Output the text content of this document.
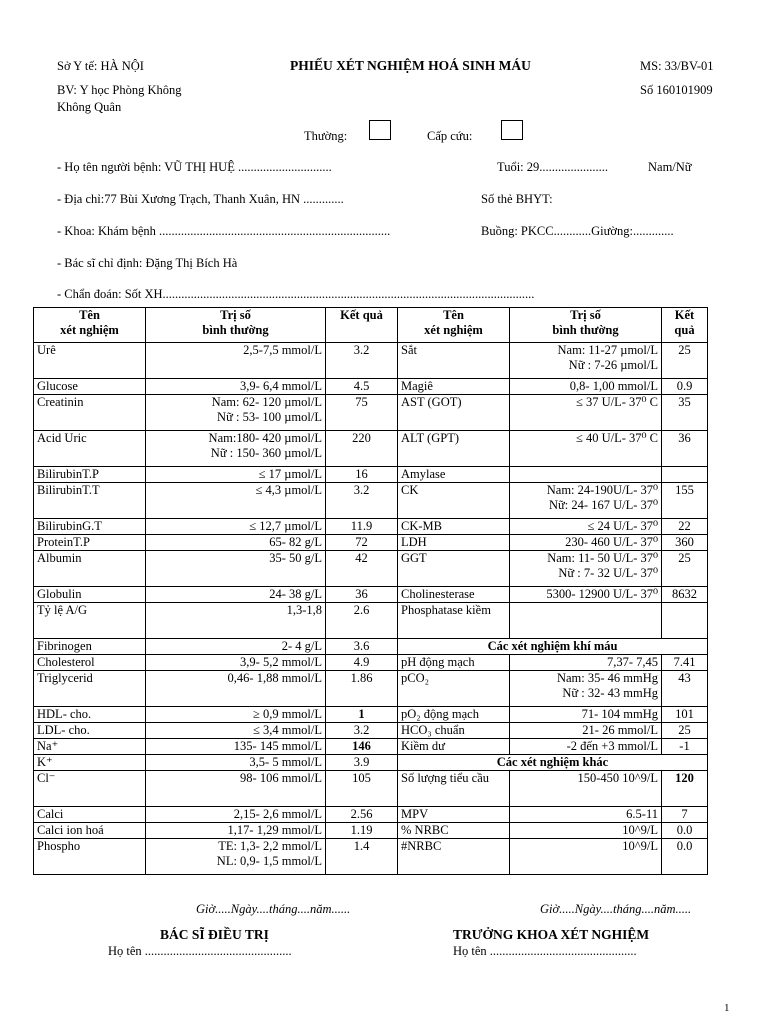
Sở Y tế: HÀ NỘI	PHIẾU XÉT NGHIỆM HOÁ SINH MÁU	MS: 33/BV-01
BV: Y học Phòng Không	Số 160101909
Không Quân
Thường:	Cấp cứu:
- Họ tên người bệnh: VŨ THỊ HUỆ ..............................	Tuổi: 29......................	Nam/Nữ
- Địa chỉ:77 Bùi Xương Trạch, Thanh Xuân, HN .............	Số thẻ BHYT:
- Khoa: Khám bệnh ..........................................................................	Buồng: PKCC............Giường:.............
- Bác sĩ chỉ định: Đặng Thị Bích Hà
- Chẩn đoán: Sốt XH.......................................................................................................................
Tên
xét nghiệm	Trị số
bình thường	Kết quả	Tên
xét nghiệm	Trị số
bình thường	Kết quả
Urê	2,5-7,5 mmol/L	3.2	Sắt	Nam: 11-27 µmol/L
Nữ : 7-26 µmol/L	25
Glucose	3,9- 6,4 mmol/L	4.5	Magiê	0,8- 1,00 mmol/L	0.9
Creatinin	Nam: 62- 120 µmol/L
Nữ : 53- 100 µmol/L	75	AST (GOT)	≤ 37 U/L- 37⁰ C	35
Acid Uric	Nam:180- 420 µmol/L
Nữ : 150- 360 µmol/L	220	ALT (GPT)	≤ 40 U/L- 37⁰ C	36
BilirubinT.P	≤ 17 µmol/L	16	Amylase	

BilirubinT.T	≤ 4,3 µmol/L	3.2	CK	Nam: 24-190U/L- 37⁰
Nữ: 24- 167 U/L- 37⁰	155
BilirubinG.T	≤ 12,7 µmol/L	11.9	CK-MB	≤ 24 U/L- 37⁰	22
ProteinT.P	65- 82 g/L	72	LDH	230- 460 U/L- 37⁰	360
Albumin	35- 50 g/L	42	GGT	Nam: 11- 50 U/L- 37⁰
Nữ : 7- 32 U/L- 37⁰	25
Globulin	24- 38 g/L	36	Cholinesterase	5300- 12900 U/L- 37⁰	8632
Tỷ lệ A/G	1,3-1,8	2.6	Phosphatase kiềm	

Fibrinogen	2- 4 g/L	3.6	Các xét nghiệm khí máu		
Cholesterol	3,9- 5,2 mmol/L	4.9	pH động mạch	7,37- 7,45	7.41
Triglycerid	0,46- 1,88 mmol/L	1.86	pCO₂	Nam: 35- 46 mmHg
Nữ : 32- 43 mmHg	43
HDL- cho.	≥ 0,9 mmol/L	1	pO₂ động mạch	71- 104 mmHg	101
LDL- cho.	≤ 3,4 mmol/L	3.2	HCO₃ chuẩn	21- 26 mmol/L	25
Na⁺	135- 145 mmol/L	146	Kiềm dư	-2 đến +3 mmol/L	-1
K⁺	3,5- 5 mmol/L	3.9	Các xét nghiệm khác		
Cl⁻	98- 106 mmol/L	105	Số lượng tiểu cầu	150-450 10^9/L	120
Calci	2,15- 2,6 mmol/L	2.56	MPV	6.5-11	7
Calci ion hoá	1,17- 1,29 mmol/L	1.19	% NRBC	10^9/L	0.0
Phospho	TE: 1,3- 2,2 mmol/L
NL: 0,9- 1,5 mmol/L	1.4	#NRBC	10^9/L	0.0
Giờ.....Ngày....tháng....năm......	Giờ.....Ngày....tháng....năm.....
BÁC SĨ ĐIỀU TRỊ	TRƯỞNG KHOA XÉT NGHIỆM
Họ tên ...............................................	Họ tên ...............................................
1
